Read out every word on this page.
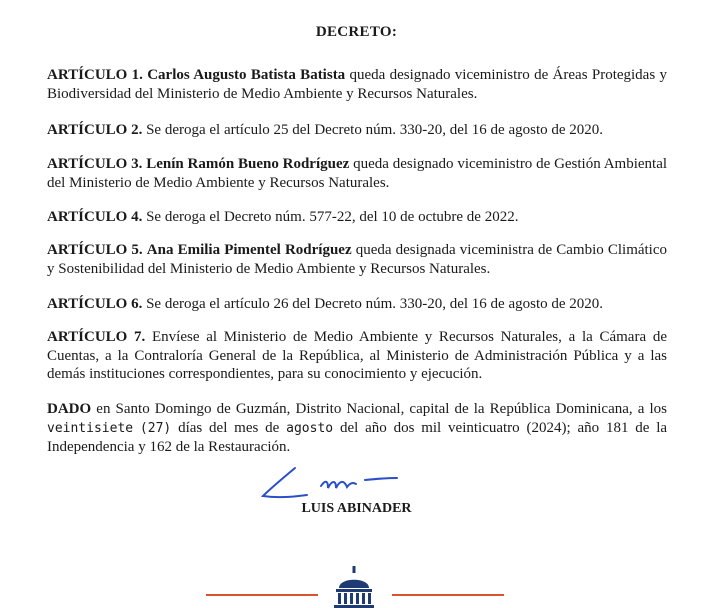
DECRETO:

ARTÍCULO 1. Carlos Augusto Batista Batista queda designado viceministro de Áreas Protegidas y Biodiversidad del Ministerio de Medio Ambiente y Recursos Naturales.

ARTÍCULO 2. Se deroga el artículo 25 del Decreto núm. 330-20, del 16 de agosto de 2020.

ARTÍCULO 3. Lenín Ramón Bueno Rodríguez queda designado viceministro de Gestión Ambiental del Ministerio de Medio Ambiente y Recursos Naturales.

ARTÍCULO 4. Se deroga el Decreto núm. 577-22, del 10 de octubre de 2022.

ARTÍCULO 5. Ana Emilia Pimentel Rodríguez queda designada viceministra de Cambio Climático y Sostenibilidad del Ministerio de Medio Ambiente y Recursos Naturales.

ARTÍCULO 6. Se deroga el artículo 26 del Decreto núm. 330-20, del 16 de agosto de 2020.

ARTÍCULO 7. Envíese al Ministerio de Medio Ambiente y Recursos Naturales, a la Cámara de Cuentas, a la Contraloría General de la República, al Ministerio de Administración Pública y a las demás instituciones correspondientes, para su conocimiento y ejecución.

DADO en Santo Domingo de Guzmán, Distrito Nacional, capital de la República Dominicana, a los veintisiete (27) días del mes de agosto del año dos mil veinticuatro (2024); año 181 de la Independencia y 162 de la Restauración.

LUIS ABINADER
